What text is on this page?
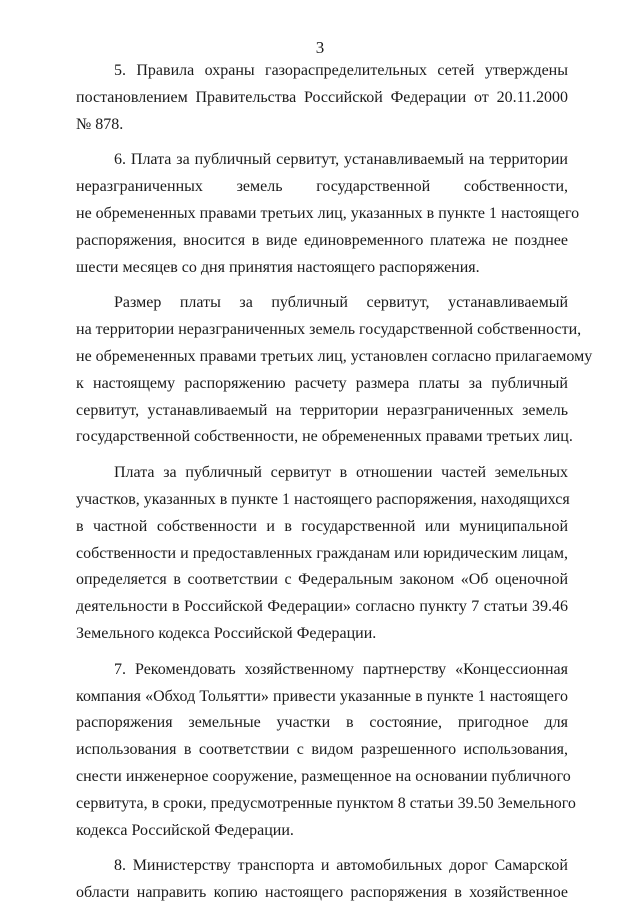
3
5. Правила охраны газораспределительных сетей утверждены
постановлением Правительства Российской Федерации от 20.11.2000
№ 878.
6. Плата за публичный сервитут, устанавливаемый на территории
неразграниченных земель государственной собственности,
не обремененных правами третьих лиц, указанных в пункте 1 настоящего
распоряжения, вносится в виде единовременного платежа не позднее
шести месяцев со дня принятия настоящего распоряжения.
Размер платы за публичный сервитут, устанавливаемый
на территории неразграниченных земель государственной собственности,
не обремененных правами третьих лиц, установлен согласно прилагаемому
к настоящему распоряжению расчету размера платы за публичный
сервитут, устанавливаемый на территории неразграниченных земель
государственной собственности, не обремененных правами третьих лиц.
Плата за публичный сервитут в отношении частей земельных
участков, указанных в пункте 1 настоящего распоряжения, находящихся
в частной собственности и в государственной или муниципальной
собственности и предоставленных гражданам или юридическим лицам,
определяется в соответствии с Федеральным законом «Об оценочной
деятельности в Российской Федерации» согласно пункту 7 статьи 39.46
Земельного кодекса Российской Федерации.
7. Рекомендовать хозяйственному партнерству «Концессионная
компания «Обход Тольятти» привести указанные в пункте 1 настоящего
распоряжения земельные участки в состояние, пригодное для
использования в соответствии с видом разрешенного использования,
снести инженерное сооружение, размещенное на основании публичного
сервитута, в сроки, предусмотренные пунктом 8 статьи 39.50 Земельного
кодекса Российской Федерации.
8. Министерству транспорта и автомобильных дорог Самарской
области направить копию настоящего распоряжения в хозяйственное
